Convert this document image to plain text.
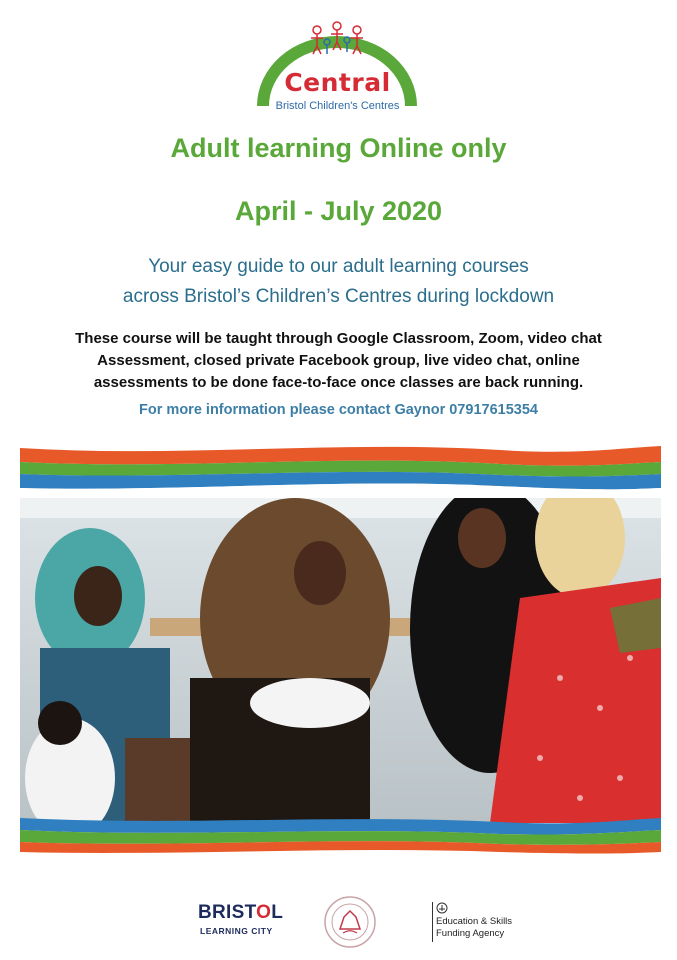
Central
Bristol Children's Centres
Adult learning Online only
April - July 2020
Your easy guide to our adult learning courses
across Bristol’s Children’s Centres during lockdown
These course will be taught through Google Classroom, Zoom, video chat
Assessment, closed private Facebook group, live video chat, online
assessments to be done face-to-face once classes are back running.
For more information please contact Gaynor 07917615354
BRISTOL
LEARNING CITY
Education & Skills
Funding Agency
